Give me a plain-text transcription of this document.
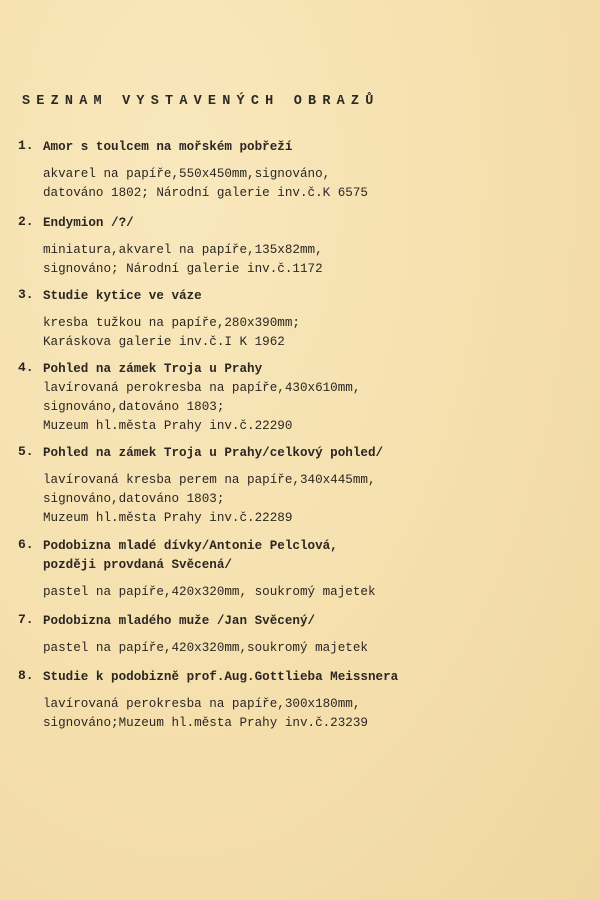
SEZNAM VYSTAVENÝCH OBRAZŮ
1. Amor s toulcem na mořském pobřeží
akvarel na papíře,550x450mm,signováno,
datováno 1802; Národní galerie inv.č.K 6575
2. Endymion /?/
miniatura,akvarel na papíře,135x82mm,
signováno; Národní galerie inv.č.1172
3. Studie kytice ve váze
kresba tužkou na papíře,280x390mm;
Karáskova galerie inv.č.I K 1962
4. Pohled na zámek Troja u Prahy
lavírovaná perokresba na papíře,430x610mm,
signováno,datováno 1803;
Muzeum hl.města Prahy inv.č.22290
5. Pohled na zámek Troja u Prahy/celkový pohled/
lavírovaná kresba perem na papíře,340x445mm,
signováno,datováno 1803;
Muzeum hl.města Prahy inv.č.22289
6. Podobizna mladé dívky/Antonie Pelclová,
později provdaná Svěcená/
pastel na papíře,420x320mm, soukromý majetek
7. Podobizna mladého muže /Jan Svěcený/
pastel na papíře,420x320mm,soukromý majetek
8. Studie k podobizně prof.Aug.Gottlieba Meissnera
lavírovaná perokresba na papíře,300x180mm,
signováno;Muzeum hl.města Prahy inv.č.23239
